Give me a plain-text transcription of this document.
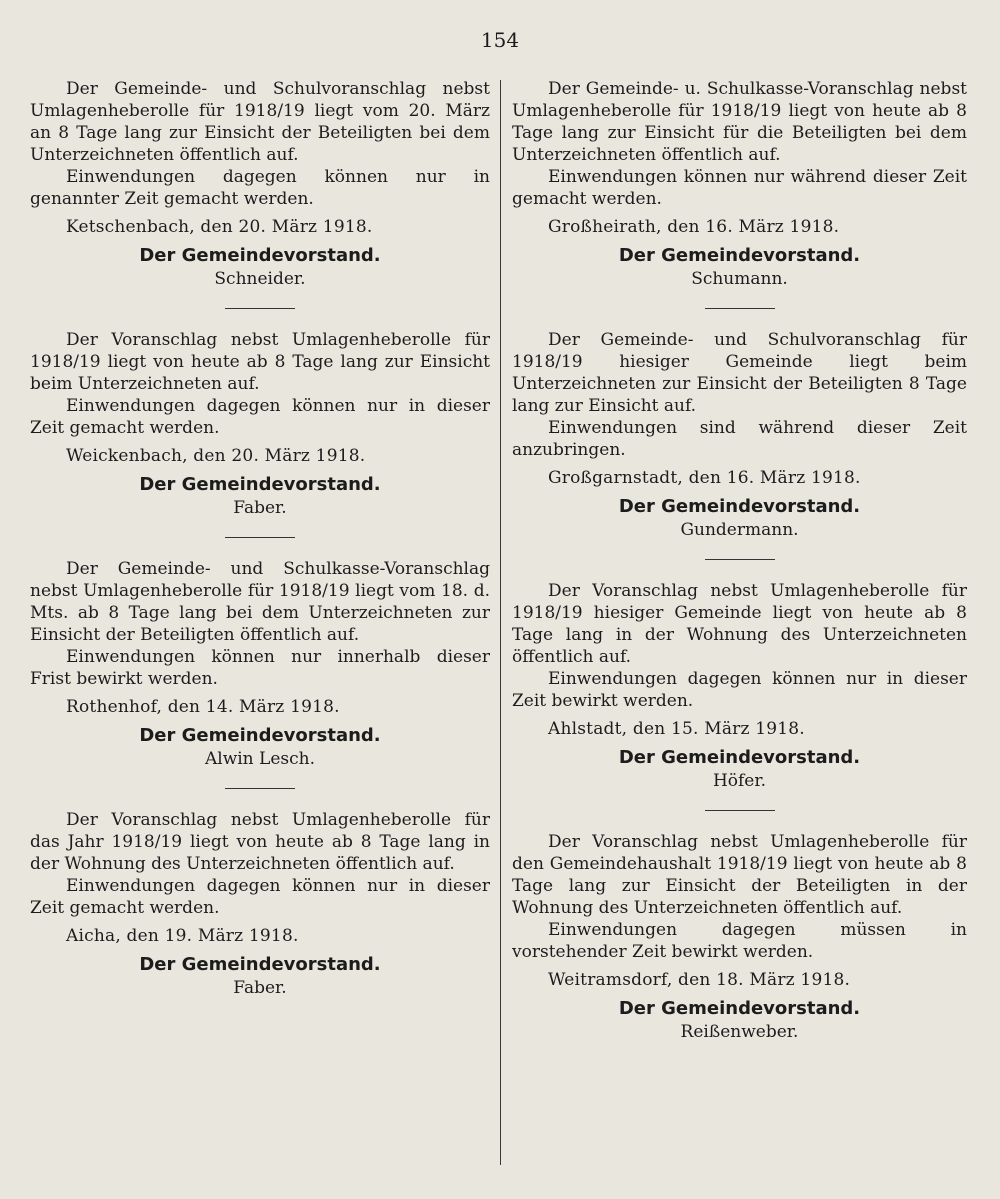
154

Der Gemeinde- und Schulvoranschlag nebst Umlagenheberolle für 1918/19 liegt vom 20. März an 8 Tage lang zur Einsicht der Beteiligten bei dem Unterzeichneten öffentlich auf.

Einwendungen dagegen können nur in genannter Zeit gemacht werden.

Ketschenbach, den 20. März 1918.

Der Gemeindevorstand.
Schneider.

Der Voranschlag nebst Umlagenheberolle für 1918/19 liegt von heute ab 8 Tage lang zur Einsicht beim Unterzeichneten auf.

Einwendungen dagegen können nur in dieser Zeit gemacht werden.

Weickenbach, den 20. März 1918.

Der Gemeindevorstand.
Faber.

Der Gemeinde- und Schulkasse-Voranschlag nebst Umlagenheberolle für 1918/19 liegt vom 18. d. Mts. ab 8 Tage lang bei dem Unterzeichneten zur Einsicht der Beteiligten öffentlich auf.

Einwendungen können nur innerhalb dieser Frist bewirkt werden.

Rothenhof, den 14. März 1918.

Der Gemeindevorstand.
Alwin Lesch.

Der Voranschlag nebst Umlagenheberolle für das Jahr 1918/19 liegt von heute ab 8 Tage lang in der Wohnung des Unterzeichneten öffentlich auf.

Einwendungen dagegen können nur in dieser Zeit gemacht werden.

Aicha, den 19. März 1918.

Der Gemeindevorstand.
Faber.

Der Gemeinde- u. Schulkasse-Voranschlag nebst Umlagenheberolle für 1918/19 liegt von heute ab 8 Tage lang zur Einsicht für die Beteiligten bei dem Unterzeichneten öffentlich auf.

Einwendungen können nur während dieser Zeit gemacht werden.

Großheirath, den 16. März 1918.

Der Gemeindevorstand.
Schumann.

Der Gemeinde- und Schulvoranschlag für 1918/19 hiesiger Gemeinde liegt beim Unterzeichneten zur Einsicht der Beteiligten 8 Tage lang zur Einsicht auf.

Einwendungen sind während dieser Zeit anzubringen.

Großgarnstadt, den 16. März 1918.

Der Gemeindevorstand.
Gundermann.

Der Voranschlag nebst Umlagenheberolle für 1918/19 hiesiger Gemeinde liegt von heute ab 8 Tage lang in der Wohnung des Unterzeichneten öffentlich auf.

Einwendungen dagegen können nur in dieser Zeit bewirkt werden.

Ahlstadt, den 15. März 1918.

Der Gemeindevorstand.
Höfer.

Der Voranschlag nebst Umlagenheberolle für den Gemeindehaushalt 1918/19 liegt von heute ab 8 Tage lang zur Einsicht der Beteiligten in der Wohnung des Unterzeichneten öffentlich auf.

Einwendungen dagegen müssen in vorstehender Zeit bewirkt werden.

Weitramsdorf, den 18. März 1918.

Der Gemeindevorstand.
Reißenweber.
